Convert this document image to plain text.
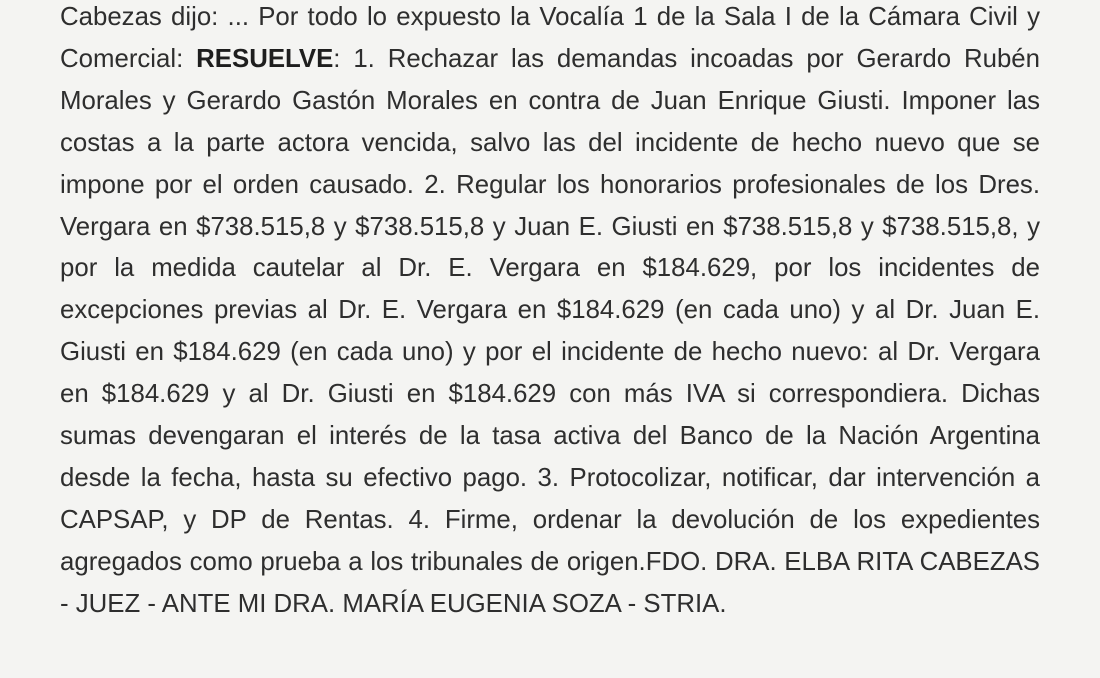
Cabezas dijo: ... Por todo lo expuesto la Vocalía 1 de la Sala I de la Cámara Civil y Comercial: RESUELVE: 1. Rechazar las demandas incoadas por Gerardo Rubén Morales y Gerardo Gastón Morales en contra de Juan Enrique Giusti. Imponer las costas a la parte actora vencida, salvo las del incidente de hecho nuevo que se impone por el orden causado. 2. Regular los honorarios profesionales de los Dres. Vergara en $738.515,8 y $738.515,8 y Juan E. Giusti en $738.515,8 y $738.515,8, y por la medida cautelar al Dr. E. Vergara en $184.629, por los incidentes de excepciones previas al Dr. E. Vergara en $184.629 (en cada uno) y al Dr. Juan E. Giusti en $184.629 (en cada uno) y por el incidente de hecho nuevo: al Dr. Vergara en $184.629 y al Dr. Giusti en $184.629 con más IVA si correspondiera. Dichas sumas devengaran el interés de la tasa activa del Banco de la Nación Argentina desde la fecha, hasta su efectivo pago. 3. Protocolizar, notificar, dar intervención a CAPSAP, y DP de Rentas. 4. Firme, ordenar la devolución de los expedientes agregados como prueba a los tribunales de origen.FDO. DRA. ELBA RITA CABEZAS - JUEZ - ANTE MI DRA. MARÍA EUGENIA SOZA - STRIA.
